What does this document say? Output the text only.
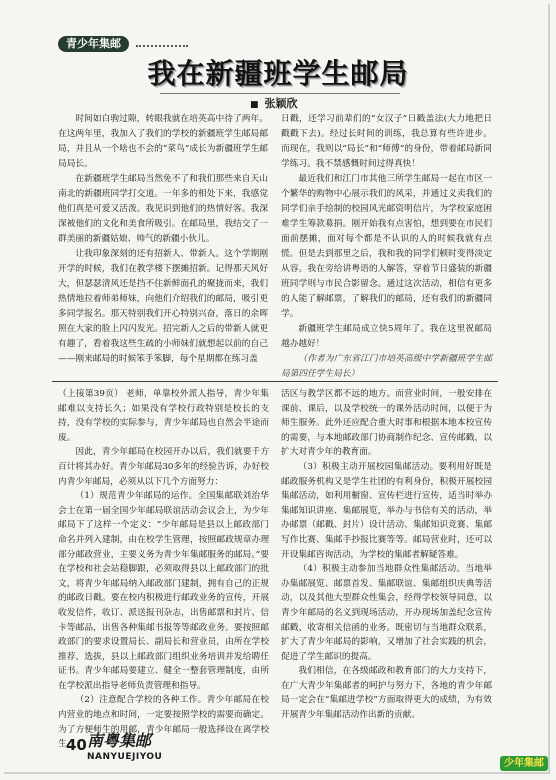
青少年集邮
我在新疆班学生邮局
■ 张颖欣

时间如白驹过隙，转眼我就在培英高中待了两年。在这两年里，我加入了我们的学校的新疆班学生邮局邮局，并且从一个啥也不会的“菜鸟”成长为新疆班学生邮局局长。

在新疆班学生邮局当然免不了和我们那些来自天山南北的新疆班同学打交道。一年多的相处下来，我感觉他们真是可爱又活泼。我见识到他们的热情好客。我深深被他们的文化和美食所吸引。在邮局里，我结交了一群美丽的新疆姑娘、帅气的新疆小伙儿。

让我印象深刻的还有招新人、带新人。这个学期刚开学的时候，我们在教学楼下摆摊招新。记得那天风好大，但瑟瑟清风还是挡不住新鲜面孔的聚拢而来，我们热情地拉着师弟师妹，向他们介绍我们的邮局，吸引更多同学报名。那天特别我们开心特别兴奋，落日的余晖照在大家的脸上闪闪发光。招完新人之后的带新人就更有趣了，看着我这些生疏的小师妹们就想起以前的自己——刚来邮局的时候笨手笨脚，每个星期都在练习盖

日戳，还学习前辈们的“女汉子”日戳盖法(大力地把日戳戳下去)。经过长时间的训练，我总算有些许进步。而现在，我则以“局长”和“师傅”的身份，带着邮局新同学练习。我不禁感慨时间过得真快！

最近我们和江门市其他三所学生邮局一起在市区一个繁华的购物中心展示我们的风采，并通过义卖我们的同学们亲手绘制的校园风光邮资明信片，为学校家庭困难学生筹款募捐。刚开始我有点害怕，想到要在市民们面前摆摊，面对每个都是不认识的人的时候我就有点慌。但是去到那里之后，我和我的同学们顿时变得淡定从容。我在旁给讲粤语的人解答，穿着节日盛装的新疆班同学则与市民合影留念。通过这次活动，相信有更多的人能了解邮票，了解我们的邮局，还有我们的新疆同学。

新疆班学生邮局成立快5周年了。我在这里祝邮局越办越好！

（作者为广东省江门市培英高级中学新疆班学生邮局第四任学生局长）

（上接第39页） 老师，单靠校外派人指导，青少年集邮难以支持长久；如果没有学校行政特别是校长的支持，没有学校的实际参与，青少年邮局也自然会半途而废。

因此，青少年邮局在校园开办以后，我们就要千方百计将其办好。青少年邮局30多年的经验告诉，办好校内青少年邮局，必须从以下几个方面努力：

（1）规范青少年邮局的运作。全国集邮联刘治华会士在第一届全国少年邮局联谊活动会议会上，为少年邮局下了这样一个定义：“少年邮局是县以上邮政部门命名并列入建制，由在校学生管理，按照邮政规章办理部分邮政营业，主要义务为青少年集邮服务的邮局。”要在学校和社会站稳脚跟，必须取得县以上邮政部门的批文，将青少年邮局纳入邮政部门建制，拥有自己的正规的邮政日戳。要在校内积极进行邮政业务的宣传，开展收发信件，收订、派送报刊杂志，出售邮票和封片、信卡等邮品，出售各种集邮书报等等邮政业务。要按照邮政部门的要求设置局长、副局长和营业员，由所在学校推荐，选拔，县以上邮政部门组织业务培训并发给聘任证书。青少年邮局要建立、健全一整套管理制度，由所在学校派出指导老师负责管理和指导。

（2）注意配合学校的各种工作。青少年邮局在校内营业的地点和时间，一定要按照学校的需要而确定。为了方便师生的用邮，青少年邮局一般选择设在离学校生

活区与教学区都不远的地方。而营业时间，一般安排在课前、课后，以及学校统一的课外活动时间，以便于为师生服务。此外还应配合重大时事和根据本地本校宣传的需要，与本地邮政部门协商制作纪念、宣传邮戳，以扩大对青少年的教育面。

（3）积极主动开展校园集邮活动。要利用好既是邮政服务机构又是学生社团的有利身份，积极开展校园集邮活动，如利用橱窗、宣传栏进行宣传，适当时举办集邮知识讲座、集邮展览，举办与书信有关的活动，举办邮票（邮戳、封片）设计活动、集邮知识竞赛、集邮写作比赛、集邮手抄报比赛等等。邮局营业时，还可以开设集邮咨询活动，为学校的集邮者解疑答难。

（4）积极主动参加当地群众性集邮活动。当地举办集邮展览、邮票首发、集邮联谊、集邮组织庆典等活动，以及其他大型群众性集会，经得学校领导同意，以青少年邮局的名义到现场活动，开办现场加盖纪念宣传邮戳，收寄相关信函的业务。既密切与当地群众联系，扩大了青少年邮局的影响，又增加了社会实践的机会，促进了学生邮识的提高。

我们相信，在各级邮政和教育部门的大力支持下，在广大青少年集邮者的呵护与努力下，各地的青少年邮局一定会在“集邮进学校”方面取得更大的成绩，为有效开展青少年集邮活动作出新的贡献。

40 南粤集邮
NANYUEJIYOU
少年集邮
